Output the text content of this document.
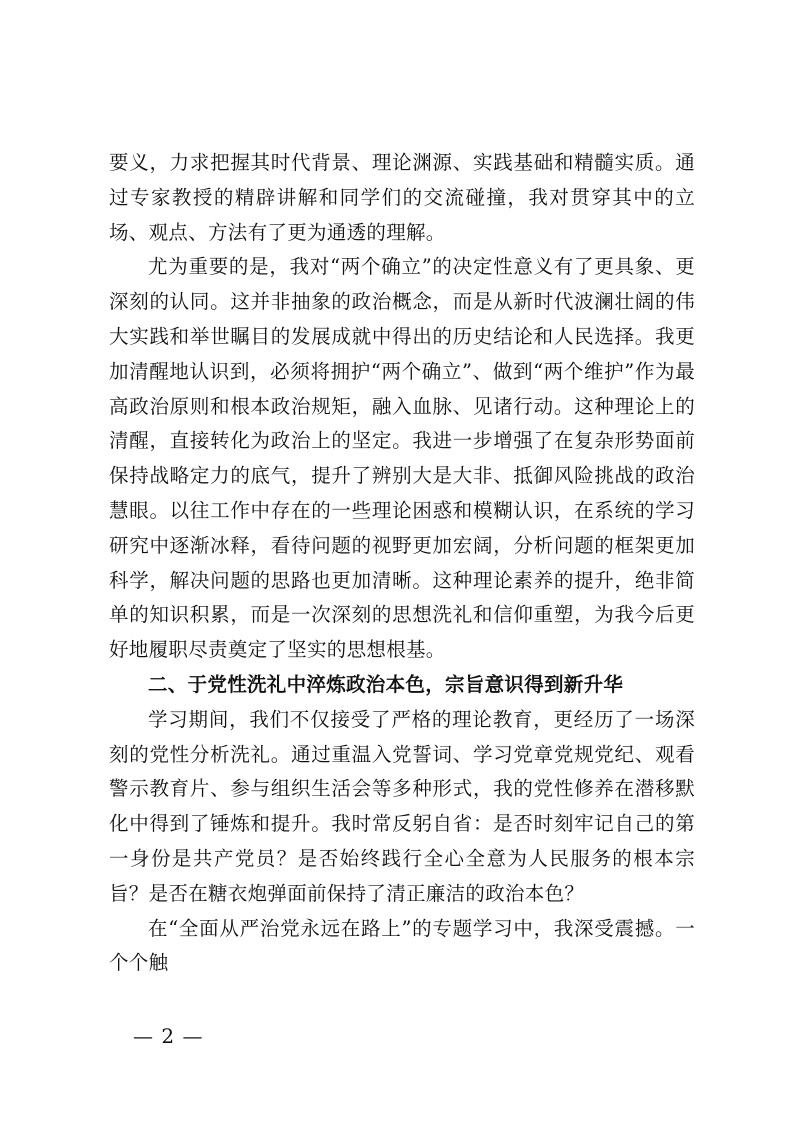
要义，力求把握其时代背景、理论渊源、实践基础和精髓实质。通过专家教授的精辟讲解和同学们的交流碰撞，我对贯穿其中的立场、观点、方法有了更为通透的理解。

尤为重要的是，我对“两个确立”的决定性意义有了更具象、更深刻的认同。这并非抽象的政治概念，而是从新时代波澜壮阔的伟大实践和举世瞩目的发展成就中得出的历史结论和人民选择。我更加清醒地认识到，必须将拥护“两个确立”、做到“两个维护”作为最高政治原则和根本政治规矩，融入血脉、见诸行动。这种理论上的清醒，直接转化为政治上的坚定。我进一步增强了在复杂形势面前保持战略定力的底气，提升了辨别大是大非、抵御风险挑战的政治慧眼。以往工作中存在的一些理论困惑和模糊认识，在系统的学习研究中逐渐冰释，看待问题的视野更加宏阔，分析问题的框架更加科学，解决问题的思路也更加清晰。这种理论素养的提升，绝非简单的知识积累，而是一次深刻的思想洗礼和信仰重塑，为我今后更好地履职尽责奠定了坚实的思想根基。

二、于党性洗礼中淬炼政治本色，宗旨意识得到新升华

学习期间，我们不仅接受了严格的理论教育，更经历了一场深刻的党性分析洗礼。通过重温入党誓词、学习党章党规党纪、观看警示教育片、参与组织生活会等多种形式，我的党性修养在潜移默化中得到了锤炼和提升。我时常反躬自省：是否时刻牢记自己的第一身份是共产党员？是否始终践行全心全意为人民服务的根本宗旨？是否在糖衣炮弹面前保持了清正廉洁的政治本色？

在“全面从严治党永远在路上”的专题学习中，我深受震撼。一个个触

— 2 —
